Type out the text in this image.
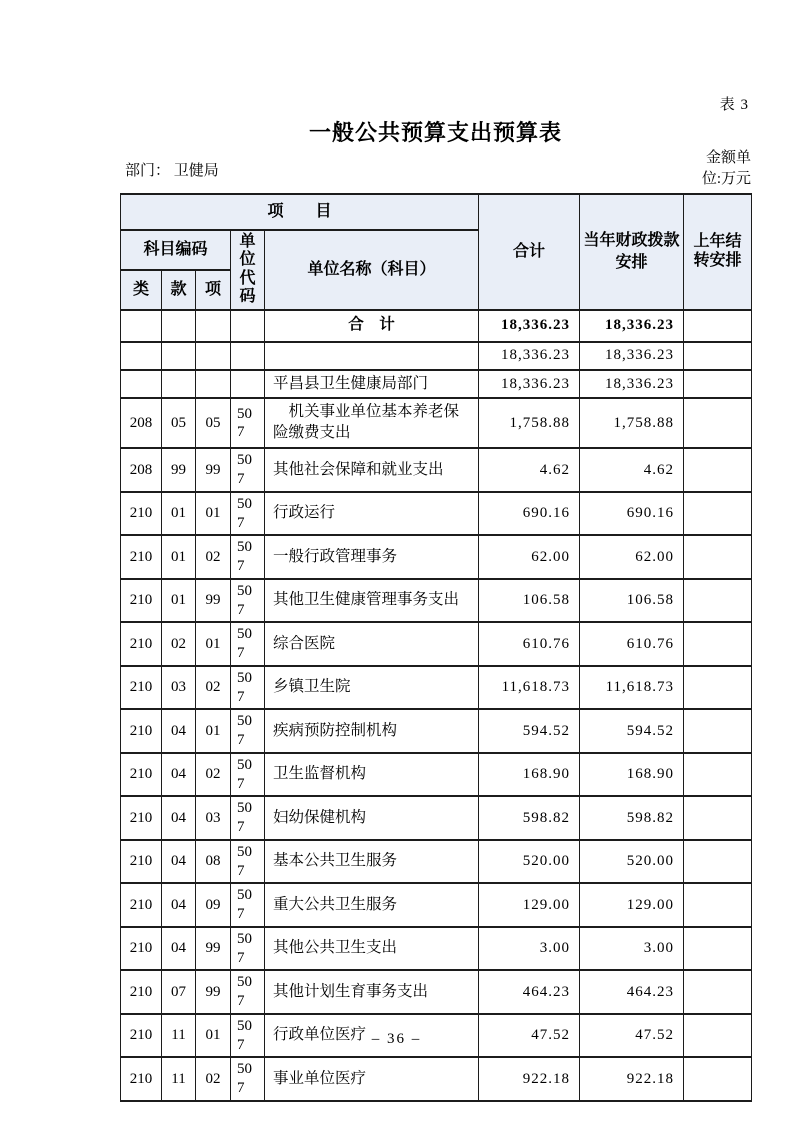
表 3
一般公共预算支出预算表
部门： 卫健局
金额单位:万元
项　　目					合计	当年财政拨款安排	上年结转安排
科目编码			单位代码	单位名称（科目）			
类	款	项					
				合　计	18,336.23	18,336.23	
					18,336.23	18,336.23	
				平昌县卫生健康局部门	18,336.23	18,336.23	
208	05	05	507	　机关事业单位基本养老保险缴费支出	1,758.88	1,758.88	
208	99	99	507	其他社会保障和就业支出	4.62	4.62	
210	01	01	507	行政运行	690.16	690.16	
210	01	02	507	一般行政管理事务	62.00	62.00	
210	01	99	507	其他卫生健康管理事务支出	106.58	106.58	
210	02	01	507	综合医院	610.76	610.76	
210	03	02	507	乡镇卫生院	11,618.73	11,618.73	
210	04	01	507	疾病预防控制机构	594.52	594.52	
210	04	02	507	卫生监督机构	168.90	168.90	
210	04	03	507	妇幼保健机构	598.82	598.82	
210	04	08	507	基本公共卫生服务	520.00	520.00	
210	04	09	507	重大公共卫生服务	129.00	129.00	
210	04	99	507	其他公共卫生支出	3.00	3.00	
210	07	99	507	其他计划生育事务支出	464.23	464.23	
210	11	01	507	行政单位医疗	47.52	47.52	
210	11	02	507	事业单位医疗	922.18	922.18	
– 36 –
